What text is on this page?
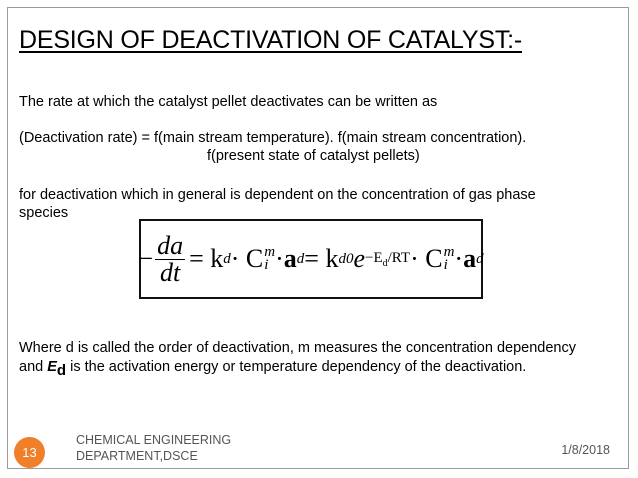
DESIGN OF DEACTIVATION OF CATALYST:-
The rate at which the catalyst pellet deactivates can be written as
(Deactivation rate) = f(main stream temperature). f(main stream concentration).
f(present state of catalyst pellets)
for deactivation which in general is dependent on the concentration of gas phase
species
− $\frac{da}{dt} = k$ d · C m
i · a d = k d0 $e -E_d/RT \cdot C$ m
i · a d
Where d is called the order of deactivation, m measures the concentration dependency and $E_d$ is the activation energy or temperature dependency of the deactivation.
13
CHEMICAL ENGINEERING
DEPARTMENT,DSCE	1/8/2018
